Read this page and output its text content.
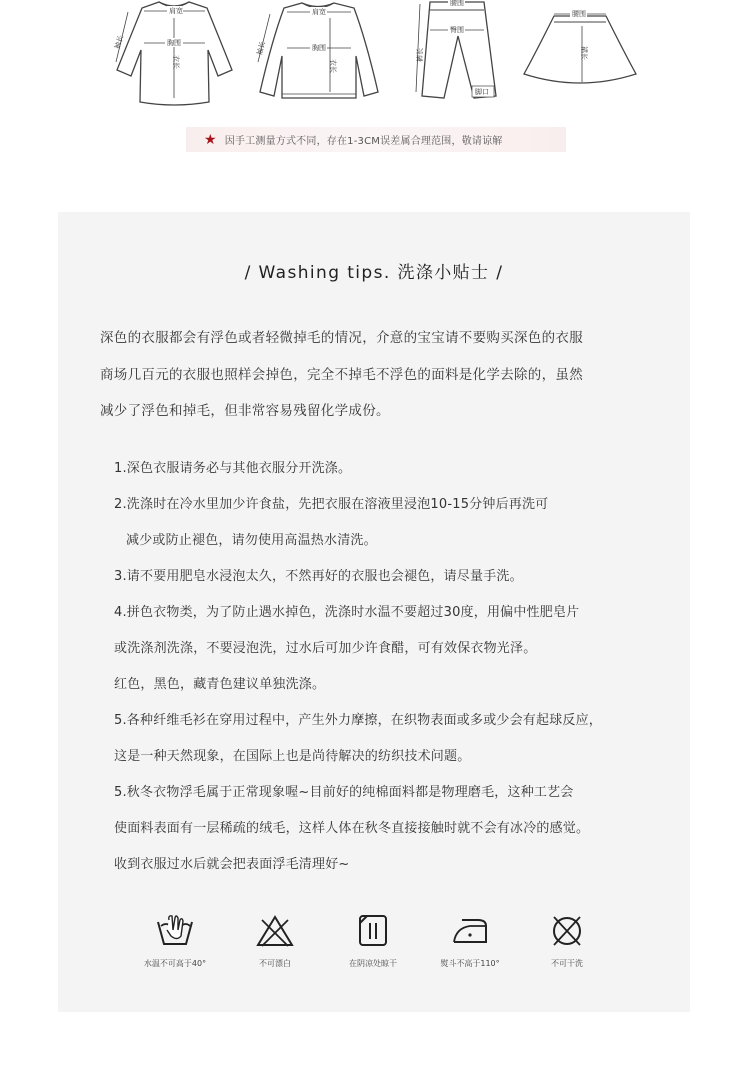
肩宽
胸围
衣长
袖长
肩宽
胸围
衣长
袖长
腰围
臀围
裤长
脚口
腰围
裙长
★ 因手工测量方式不同，存在1-3CM误差属合理范围，敬请谅解
/ Washing tips. 洗涤小贴士 /
深色的衣服都会有浮色或者轻微掉毛的情况，介意的宝宝请不要购买深色的衣服
商场几百元的衣服也照样会掉色，完全不掉毛不浮色的面料是化学去除的，虽然
减少了浮色和掉毛，但非常容易残留化学成份。
1.深色衣服请务必与其他衣服分开洗涤。
2.洗涤时在冷水里加少许食盐，先把衣服在溶液里浸泡10-15分钟后再洗可
减少或防止褪色，请勿使用高温热水清洗。
3.请不要用肥皂水浸泡太久，不然再好的衣服也会褪色，请尽量手洗。
4.拼色衣物类，为了防止遇水掉色，洗涤时水温不要超过30度，用偏中性肥皂片
或洗涤剂洗涤，不要浸泡洗，过水后可加少许食醋，可有效保衣物光泽。
红色，黑色，藏青色建议单独洗涤。
5.各种纤维毛衫在穿用过程中，产生外力摩擦，在织物表面或多或少会有起球反应，
这是一种天然现象，在国际上也是尚待解决的纺织技术问题。
5.秋冬衣物浮毛属于正常现象喔~目前好的纯棉面料都是物理磨毛，这种工艺会
使面料表面有一层稀疏的绒毛，这样人体在秋冬直接接触时就不会有冰冷的感觉。
收到衣服过水后就会把表面浮毛清理好~
水温不可高于40°	不可漂白	在阴凉处晾干	熨斗不高于110°	不可干洗
